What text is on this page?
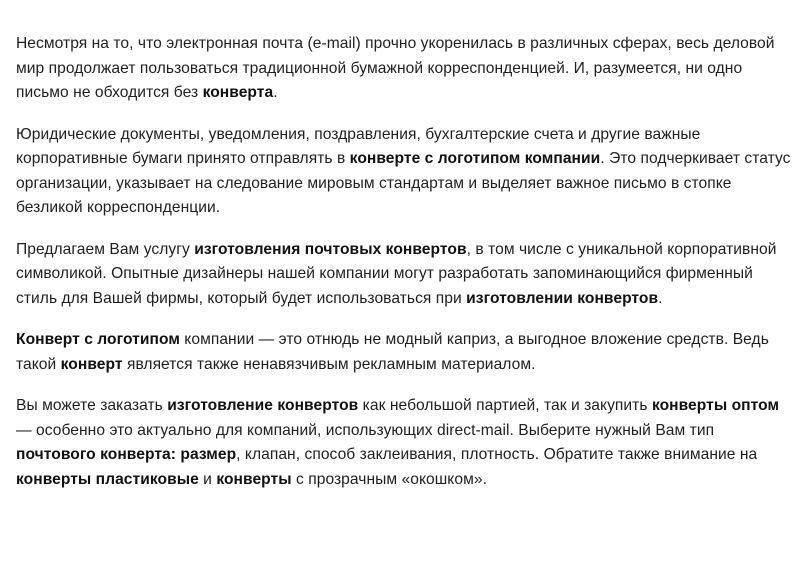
Несмотря на то, что электронная почта (e-mail) прочно укоренилась в различных сферах, весь деловой мир продолжает пользоваться традиционной бумажной корреспонденцией. И, разумеется, ни одно письмо не обходится без конверта.

Юридические документы, уведомления, поздравления, бухгалтерские счета и другие важные корпоративные бумаги принято отправлять в конверте с логотипом компании. Это подчеркивает статус организации, указывает на следование мировым стандартам и выделяет важное письмо в стопке безликой корреспонденции.

Предлагаем Вам услугу изготовления почтовых конвертов, в том числе с уникальной корпоративной символикой. Опытные дизайнеры нашей компании могут разработать запоминающийся фирменный стиль для Вашей фирмы, который будет использоваться при изготовлении конвертов.

Конверт с логотипом компании — это отнюдь не модный каприз, а выгодное вложение средств. Ведь такой конверт является также ненавязчивым рекламным материалом.

Вы можете заказать изготовление конвертов как небольшой партией, так и закупить конверты оптом — особенно это актуально для компаний, использующих direct-mail. Выберите нужный Вам тип почтового конверта: размер, клапан, способ заклеивания, плотность. Обратите также внимание на конверты пластиковые и конверты с прозрачным «окошком».
